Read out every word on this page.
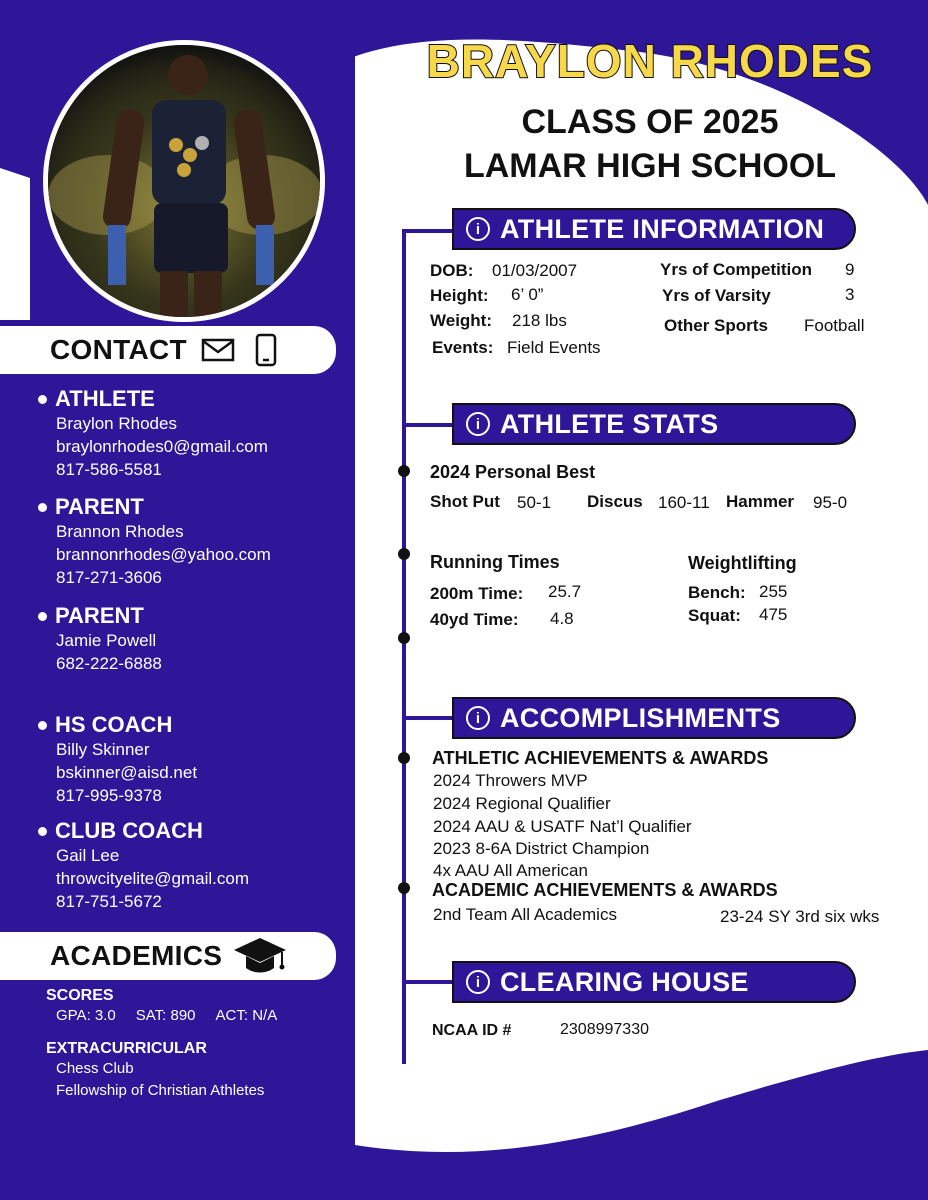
CONTACT
ATHLETE
Braylon Rhodes
braylonrhodes0@gmail.com
817-586-5581
PARENT
Brannon Rhodes
brannonrhodes@yahoo.com
817-271-3606
PARENT
Jamie Powell
682-222-6888
HS COACH
Billy Skinner
bskinner@aisd.net
817-995-9378
CLUB COACH
Gail Lee
throwcityelite@gmail.com
817-751-5672
ACADEMICS
SCORES
GPA: 3.0 SAT: 890 ACT: N/A
EXTRACURRICULAR
Chess Club
Fellowship of Christian Athletes
BRAYLON RHODES
CLASS OF 2025
LAMAR HIGH SCHOOL
i ATHLETE INFORMATION
DOB: 01/03/2007
Height: 6’ 0”
Weight: 218 lbs
Events: Field Events
Yrs of Competition 9
Yrs of Varsity	3
Other Sports Football
i ATHLETE STATS
2024 Personal Best
Shot Put 50-1 Discus 160-11 Hammer 95-0
Running Times
200m Time: 25.7
40yd Time: 4.8
Weightlifting
Bench: 255
Squat: 475
i ACCOMPLISHMENTS
ATHLETIC ACHIEVEMENTS & AWARDS
2024 Throwers MVP
2024 Regional Qualifier
2024 AAU & USATF Nat’l Qualifier
2023 8-6A District Champion
4x AAU All American
ACADEMIC ACHIEVEMENTS & AWARDS
2nd Team All Academics	23-24 SY 3rd six wks
i CLEARING HOUSE
NCAA ID #	2308997330
